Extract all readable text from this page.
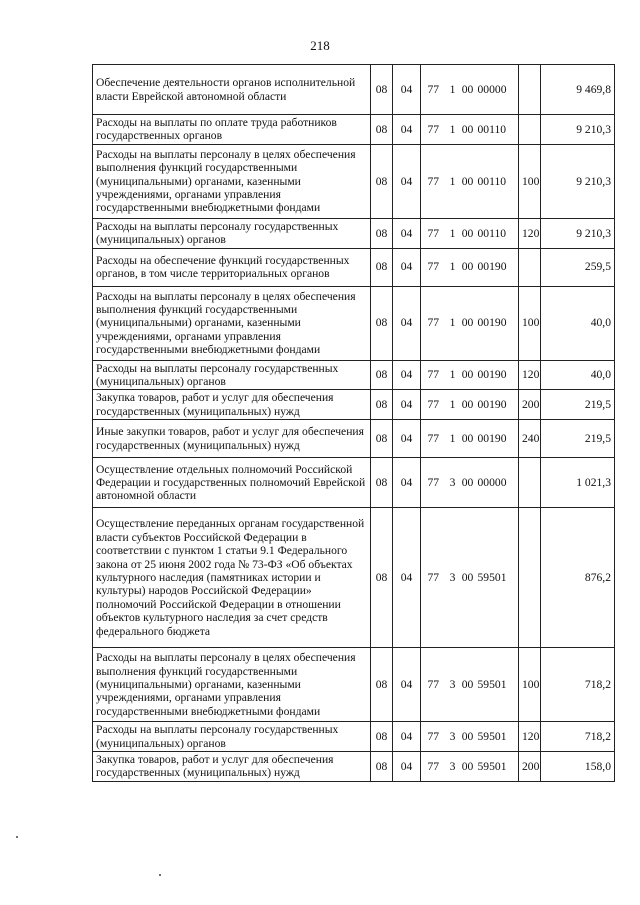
218
Обеспечение деятельности органов исполнительной власти Еврейской автономной области	08	04	77 1 00 00000		9 469,8
Расходы на выплаты по оплате труда работников государственных органов	08	04	77 1 00 00110		9 210,3
Расходы на выплаты персоналу в целях обеспечения выполнения функций государственными (муниципальными) органами, казенными учреждениями, органами управления государственными внебюджетными фондами	08	04	77 1 00 00110	100	9 210,3
Расходы на выплаты персоналу государственных (муниципальных) органов	08	04	77 1 00 00110	120	9 210,3
Расходы на обеспечение функций государственных органов, в том числе территориальных органов	08	04	77 1 00 00190		259,5
Расходы на выплаты персоналу в целях обеспечения выполнения функций государственными (муниципальными) органами, казенными учреждениями, органами управления государственными внебюджетными фондами	08	04	77 1 00 00190	100	40,0
Расходы на выплаты персоналу государственных (муниципальных) органов	08	04	77 1 00 00190	120	40,0
Закупка товаров, работ и услуг для обеспечения государственных (муниципальных) нужд	08	04	77 1 00 00190	200	219,5
Иные закупки товаров, работ и услуг для обеспечения государственных (муниципальных) нужд	08	04	77 1 00 00190	240	219,5
Осуществление отдельных полномочий Российской Федерации и государственных полномочий Еврейской автономной области	08	04	77 3 00 00000		1 021,3
Осуществление переданных органам государственной власти субъектов Российской Федерации в соответствии с пунктом 1 статьи 9.1 Федерального закона от 25 июня 2002 года № 73-ФЗ «Об объектах культурного наследия (памятниках истории и культуры) народов Российской Федерации» полномочий Российской Федерации в отношении объектов культурного наследия за счет средств федерального бюджета	08	04	77 3 00 59501		876,2
Расходы на выплаты персоналу в целях обеспечения выполнения функций государственными (муниципальными) органами, казенными учреждениями, органами управления государственными внебюджетными фондами	08	04	77 3 00 59501	100	718,2
Расходы на выплаты персоналу государственных (муниципальных) органов	08	04	77 3 00 59501	120	718,2
Закупка товаров, работ и услуг для обеспечения государственных (муниципальных) нужд	08	04	77 3 00 59501	200	158,0
